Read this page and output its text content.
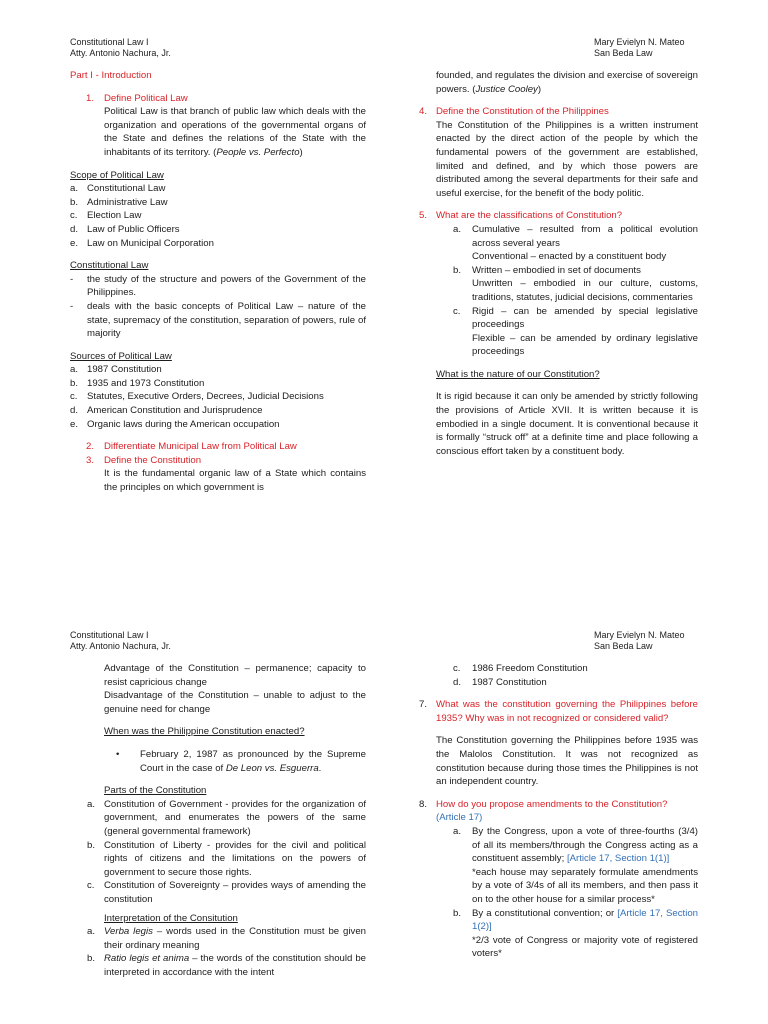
Constitutional Law I
Atty. Antonio Nachura, Jr.
Mary Evielyn N. Mateo
San Beda Law
Part I - Introduction
1. Define Political Law
Political Law is that branch of public law which deals with the organization and operations of the governmental organs of the State and defines the relations of the State with the inhabitants of its territory. (People vs. Perfecto)
Scope of Political Law
a. Constitutional Law
b. Administrative Law
c. Election Law
d. Law of Public Officers
e. Law on Municipal Corporation
Constitutional Law
- the study of the structure and powers of the Government of the Philippines.
- deals with the basic concepts of Political Law – nature of the state, supremacy of the constitution, separation of powers, rule of majority
Sources of Political Law
a. 1987 Constitution
b. 1935 and 1973 Constitution
c. Statutes, Executive Orders, Decrees, Judicial Decisions
d. American Constitution and Jurisprudence
e. Organic laws during the American occupation
2. Differentiate Municipal Law from Political Law
3. Define the Constitution
It is the fundamental organic law of a State which contains the principles on which government is
founded, and regulates the division and exercise of sovereign powers. (Justice Cooley)
4. Define the Constitution of the Philippines
The Constitution of the Philippines is a written instrument enacted by the direct action of the people by which the fundamental powers of the government are established, limited and defined, and by which those powers are distributed among the several departments for their safe and useful exercise, for the benefit of the body politic.
5. What are the classifications of Constitution?
a. Cumulative – resulted from a political evolution across several years
Conventional – enacted by a constituent body
b. Written – embodied in set of documents
Unwritten – embodied in our culture, customs, traditions, statutes, judicial decisions, commentaries
c. Rigid – can be amended by special legislative proceedings
Flexible – can be amended by ordinary legislative proceedings
What is the nature of our Constitution?
It is rigid because it can only be amended by strictly following the provisions of Article XVII. It is written because it is embodied in a single document. It is conventional because it is formally “struck off” at a definite time and place following a conscious effort taken by a constituent body.
Constitutional Law I
Atty. Antonio Nachura, Jr.
Mary Evielyn N. Mateo
San Beda Law
Advantage of the Constitution – permanence; capacity to resist capricious change
Disadvantage of the Constitution – unable to adjust to the genuine need for change
When was the Philippine Constitution enacted?
• February 2, 1987 as pronounced by the Supreme Court in the case of De Leon vs. Esguerra.
Parts of the Constitution
a. Constitution of Government - provides for the organization of government, and enumerates the powers of the same (general governmental framework)
b. Constitution of Liberty - provides for the civil and political rights of citizens and the limitations on the powers of government to secure those rights.
c. Constitution of Sovereignty – provides ways of amending the constitution
Interpretation of the Consitution
a. Verba legis – words used in the Constitution must be given their ordinary meaning
b. Ratio legis et anima – the words of the constitution should be interpreted in accordance with the intent
c. 1986 Freedom Constitution
d. 1987 Constitution
7. What was the constitution governing the Philippines before 1935? Why was in not recognized or considered valid?
The Constitution governing the Philippines before 1935 was the Malolos Constitution. It was not recognized as constitution because during those times the Philippines is not an independent country.
8. How do you propose amendments to the Constitution?
(Article 17)
a. By the Congress, upon a vote of three-fourths (3/4) of all its members/through the Congress acting as a constituent assembly; [Article 17, Section 1(1)]
*each house may separately formulate amendments by a vote of 3/4s of all its members, and then pass it on to the other house for a similar process*
b. By a constitutional convention; or [Article 17, Section 1(2)]
*2/3 vote of Congress or majority vote of registered voters*
